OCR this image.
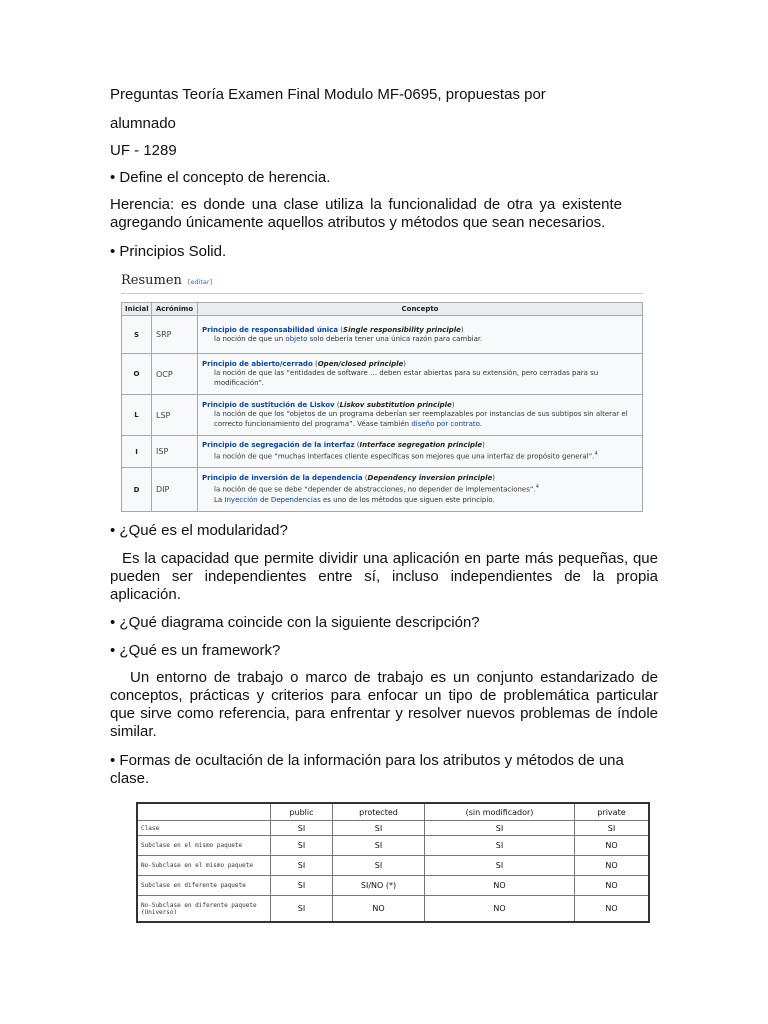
Preguntas Teoría Examen Final Modulo MF-0695, propuestas por

alumnado

UF - 1289

• Define el concepto de herencia.

Herencia: es donde una clase utiliza la funcionalidad de otra ya existente agregando únicamente aquellos atributos y métodos que sean necesarios.

• Principios Solid.

Resumen [editar]
Inicial	Acrónimo	Concepto
S	SRP	Principio de responsabilidad única (Single responsibility principle)
la noción de que un objeto solo debería tener una única razón para cambiar.

O	OCP	Principio de abierto/cerrado (Open/closed principle)
la noción de que las “entidades de software … deben estar abiertas para su extensión, pero cerradas para su modificación”.

L	LSP	Principio de sustitución de Liskov (Liskov substitution principle)
la noción de que los “objetos de un programa deberían ser reemplazables por instancias de sus subtipos sin alterar el correcto funcionamiento del programa”. Véase también diseño por contrato.

I	ISP	Principio de segregación de la interfaz (Interface segregation principle)
la noción de que “muchas interfaces cliente específicas son mejores que una interfaz de propósito general”.$^4$

D	DIP	Principio de inversión de la dependencia (Dependency inversion principle)
la noción de que se debe “depender de abstracciones, no depender de implementaciones”.$^4$
La Inyección de Dependencias es uno de los métodos que siguen este principio.

• ¿Qué es el modularidad?

Es la capacidad que permite dividir una aplicación en parte más pequeñas, que pueden ser independientes entre sí, incluso independientes de la propia aplicación.

• ¿Qué diagrama coincide con la siguiente descripción?

• ¿Qué es un framework?

Un entorno de trabajo o marco de trabajo es un conjunto estandarizado de conceptos, prácticas y criterios para enfocar un tipo de problemática particular que sirve como referencia, para enfrentar y resolver nuevos problemas de índole similar.

• Formas de ocultación de la información para los atributos y métodos de una clase.

	public	protected	(sin modificador)	private
Clase	SI	SI	SI	SI
Subclase en el mismo paquete	SI	SI	SI	NO
No-Subclase en el mismo paquete	SI	SI	SI	NO
Subclase en diferente paquete	SI	SI/NO (*)	NO	NO
No-Subclase en diferente paquete (Universo)	SI	NO	NO	NO
